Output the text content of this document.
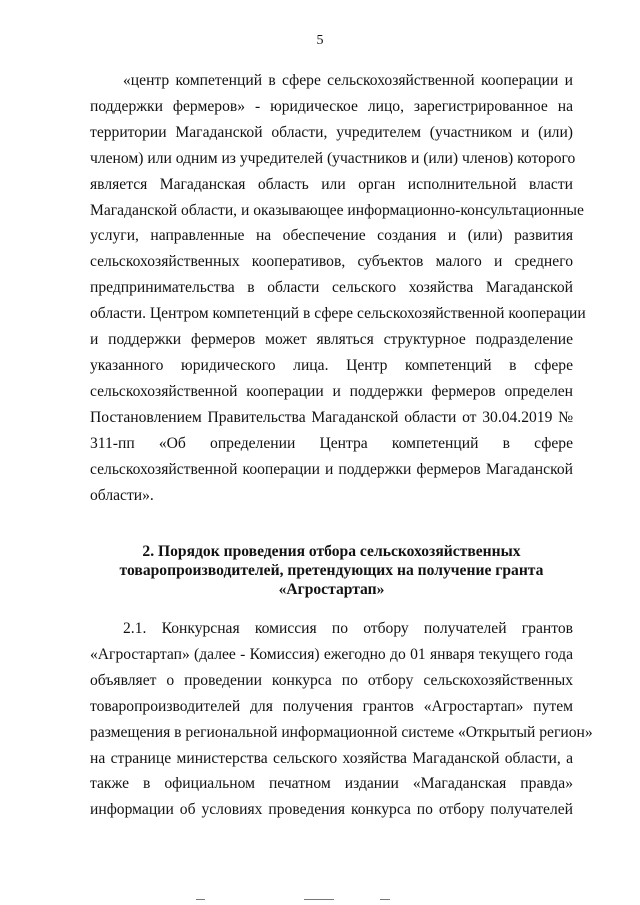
5
«центр компетенций в сфере сельскохозяйственной кооперации и
поддержки фермеров» - юридическое лицо, зарегистрированное на
территории Магаданской области, учредителем (участником и (или)
членом) или одним из учредителей (участников и (или) членов) которого
является Магаданская область или орган исполнительной власти
Магаданской области, и оказывающее информационно-консультационные
услуги, направленные на обеспечение создания и (или) развития
сельскохозяйственных кооперативов, субъектов малого и среднего
предпринимательства в области сельского хозяйства Магаданской
области. Центром компетенций в сфере сельскохозяйственной кооперации
и поддержки фермеров может являться структурное подразделение
указанного юридического лица. Центр компетенций в сфере
сельскохозяйственной кооперации и поддержки фермеров определен
Постановлением Правительства Магаданской области от 30.04.2019 №
311-пп «Об определении Центра компетенций в сфере
сельскохозяйственной кооперации и поддержки фермеров Магаданской
области».
2. Порядок проведения отбора сельскохозяйственных
товаропроизводителей, претендующих на получение гранта
«Агростартап»
2.1. Конкурсная комиссия по отбору получателей грантов
«Агростартап» (далее - Комиссия) ежегодно до 01 января текущего года
объявляет о проведении конкурса по отбору сельскохозяйственных
товаропроизводителей для получения грантов «Агростартап» путем
размещения в региональной информационной системе «Открытый регион»
на странице министерства сельского хозяйства Магаданской области, а
также в официальном печатном издании «Магаданская правда»
информации об условиях проведения конкурса по отбору получателей
